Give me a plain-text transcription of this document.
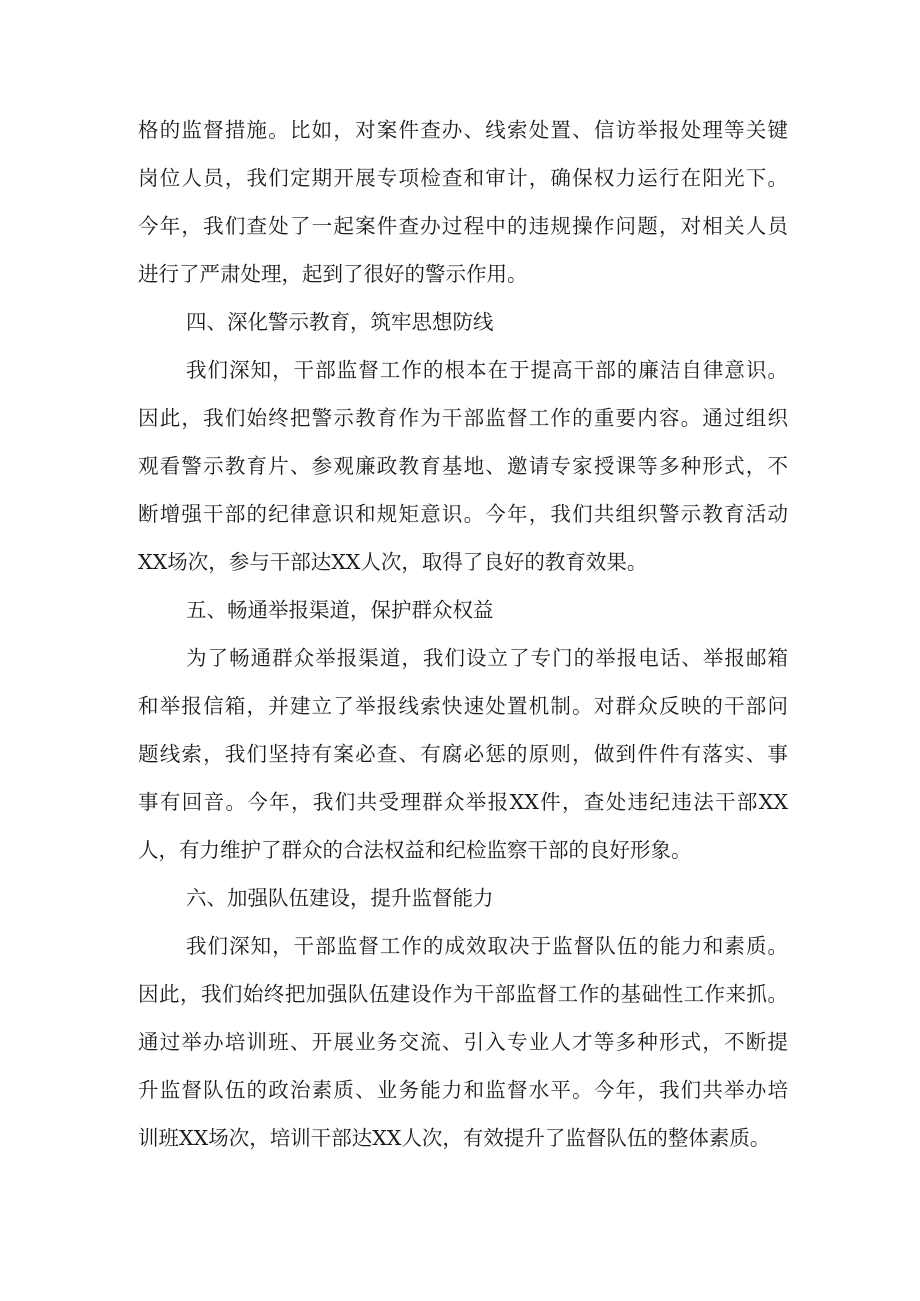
格的监督措施。比如，对案件查办、线索处置、信访举报处理等关键
岗位人员，我们定期开展专项检查和审计，确保权力运行在阳光下。
今年，我们查处了一起案件查办过程中的违规操作问题，对相关人员
进行了严肃处理，起到了很好的警示作用。
四、深化警示教育，筑牢思想防线
我们深知，干部监督工作的根本在于提高干部的廉洁自律意识。
因此，我们始终把警示教育作为干部监督工作的重要内容。通过组织
观看警示教育片、参观廉政教育基地、邀请专家授课等多种形式，不
断增强干部的纪律意识和规矩意识。今年，我们共组织警示教育活动
XX场次，参与干部达XX人次，取得了良好的教育效果。
五、畅通举报渠道，保护群众权益
为了畅通群众举报渠道，我们设立了专门的举报电话、举报邮箱
和举报信箱，并建立了举报线索快速处置机制。对群众反映的干部问
题线索，我们坚持有案必查、有腐必惩的原则，做到件件有落实、事
事有回音。今年，我们共受理群众举报XX件，查处违纪违法干部XX
人，有力维护了群众的合法权益和纪检监察干部的良好形象。
六、加强队伍建设，提升监督能力
我们深知，干部监督工作的成效取决于监督队伍的能力和素质。
因此，我们始终把加强队伍建设作为干部监督工作的基础性工作来抓。
通过举办培训班、开展业务交流、引入专业人才等多种形式，不断提
升监督队伍的政治素质、业务能力和监督水平。今年，我们共举办培
训班XX场次，培训干部达XX人次，有效提升了监督队伍的整体素质。
